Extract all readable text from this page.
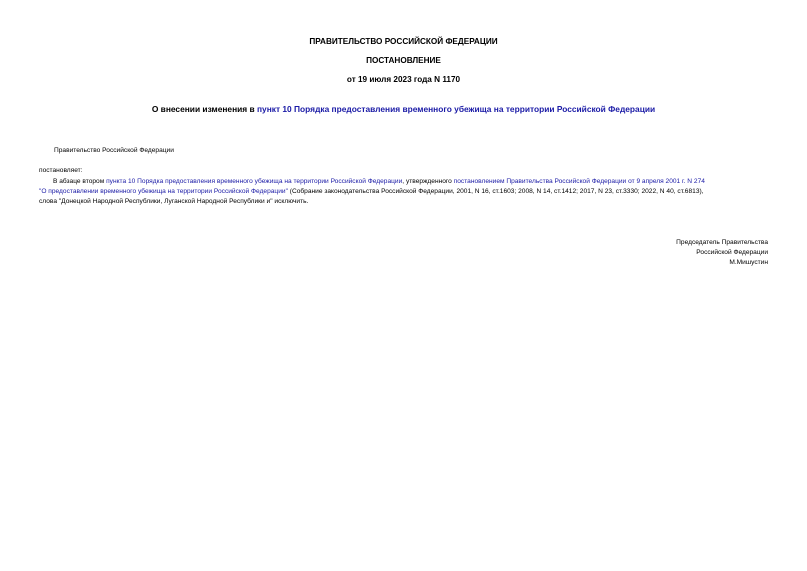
ПРАВИТЕЛЬСТВО РОССИЙСКОЙ ФЕДЕРАЦИИ
ПОСТАНОВЛЕНИЕ
от 19 июля 2023 года N 1170
О внесении изменения в пункт 10 Порядка предоставления временного убежища на территории Российской Федерации
Правительство Российской Федерации
постановляет:
В абзаце втором пункта 10 Порядка предоставления временного убежища на территории Российской Федерации, утвержденного постановлением Правительства Российской Федерации от 9 апреля 2001 г. N 274
"О предоставлении временного убежища на территории Российской Федерации" (Собрание законодательства Российской Федерации, 2001, N 16, ст.1603; 2008, N 14, ст.1412; 2017, N 23, ст.3330; 2022, N 40, ст.6813),
слова "Донецкой Народной Республики, Луганской Народной Республики и" исключить.
Председатель Правительства
Российской Федерации
М.Мишустин
